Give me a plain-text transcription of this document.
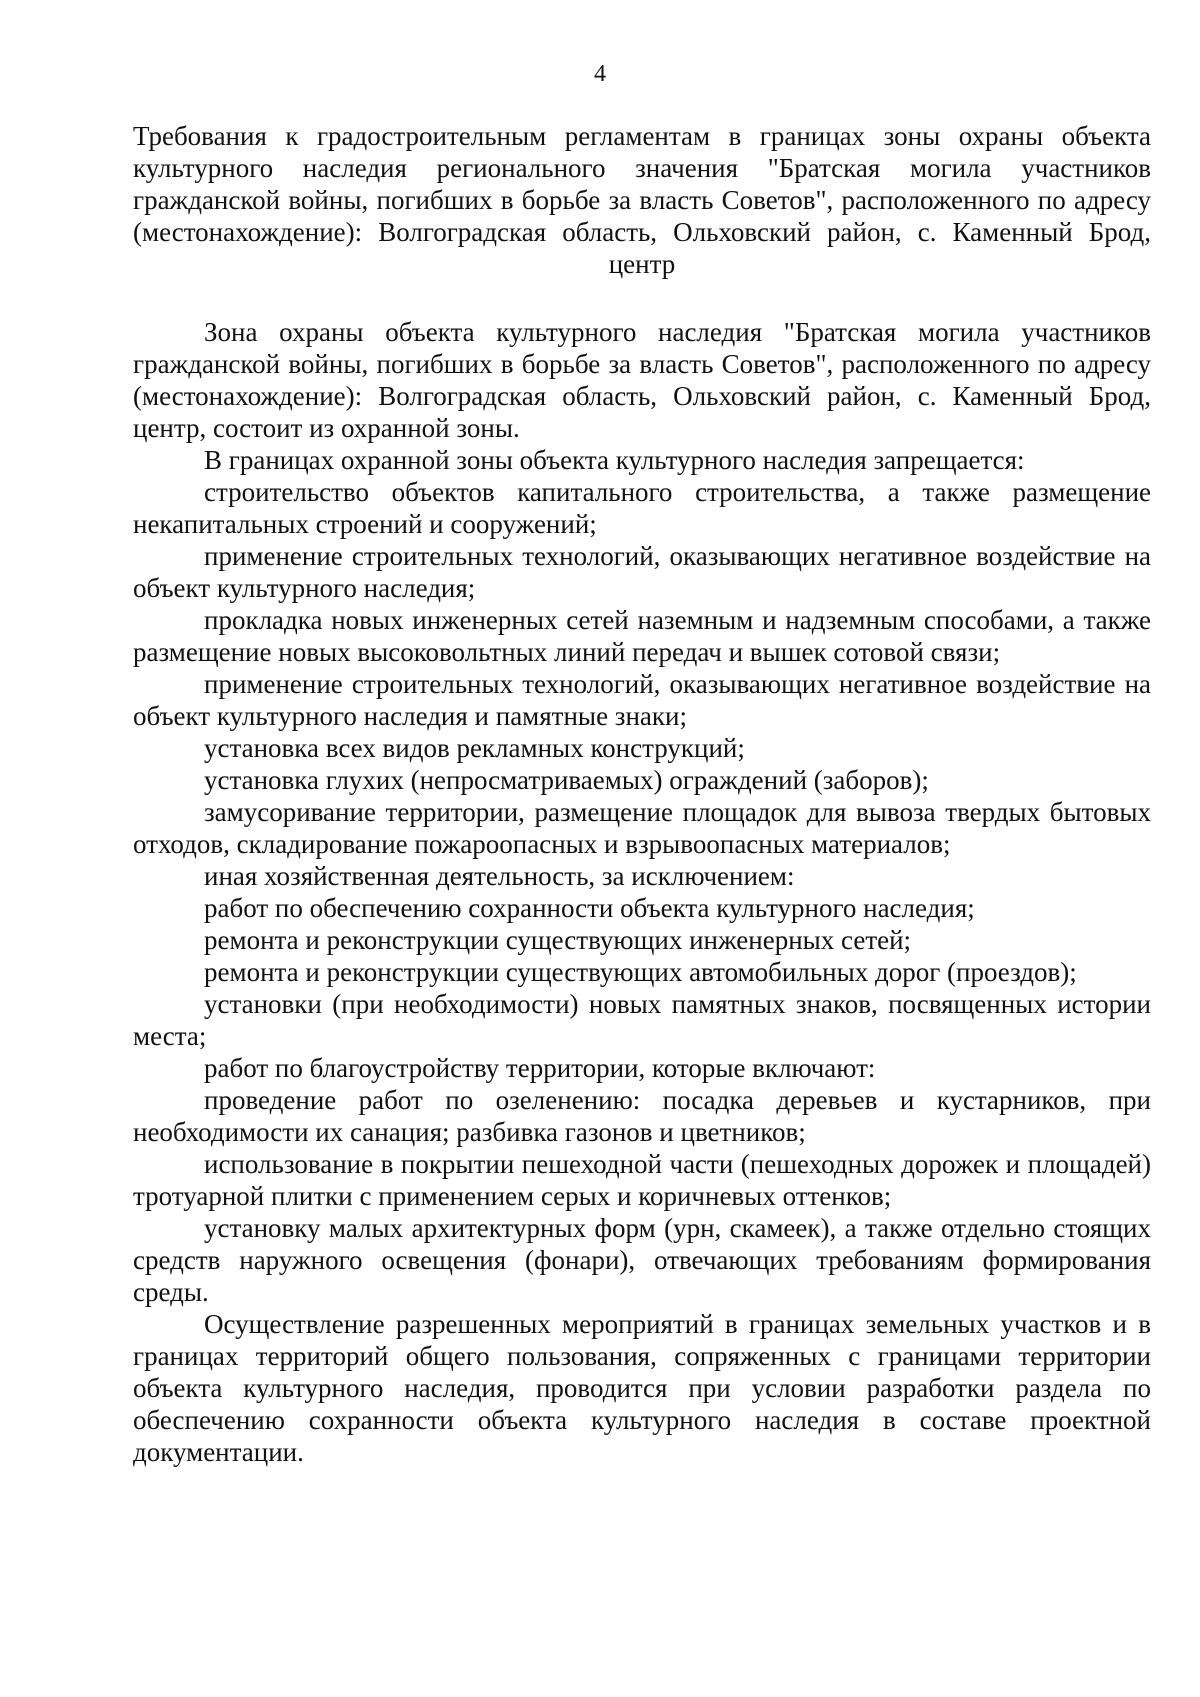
4

Требования к градостроительным регламентам в границах зоны охраны объекта культурного наследия регионального значения "Братская могила участников гражданской войны, погибших в борьбе за власть Советов", расположенного по адресу (местонахождение): Волгоградская область, Ольховский район, с. Каменный Брод, центр

Зона охраны объекта культурного наследия "Братская могила участников гражданской войны, погибших в борьбе за власть Советов", расположенного по адресу (местонахождение): Волгоградская область, Ольховский район, с. Каменный Брод, центр, состоит из охранной зоны.

В границах охранной зоны объекта культурного наследия запрещается:

строительство объектов капитального строительства, а также размещение некапитальных строений и сооружений;

применение строительных технологий, оказывающих негативное воздействие на объект культурного наследия;

прокладка новых инженерных сетей наземным и надземным способами, а также размещение новых высоковольтных линий передач и вышек сотовой связи;

применение строительных технологий, оказывающих негативное воздействие на объект культурного наследия и памятные знаки;

установка всех видов рекламных конструкций;

установка глухих (непросматриваемых) ограждений (заборов);

замусоривание территории, размещение площадок для вывоза твердых бытовых отходов, складирование пожароопасных и взрывоопасных материалов;

иная хозяйственная деятельность, за исключением:

работ по обеспечению сохранности объекта культурного наследия;

ремонта и реконструкции существующих инженерных сетей;

ремонта и реконструкции существующих автомобильных дорог (проездов);

установки (при необходимости) новых памятных знаков, посвященных истории места;

работ по благоустройству территории, которые включают:

проведение работ по озеленению: посадка деревьев и кустарников, при необходимости их санация; разбивка газонов и цветников;

использование в покрытии пешеходной части (пешеходных дорожек и площадей) тротуарной плитки с применением серых и коричневых оттенков;

установку малых архитектурных форм (урн, скамеек), а также отдельно стоящих средств наружного освещения (фонари), отвечающих требованиям формирования среды.

Осуществление разрешенных мероприятий в границах земельных участков и в границах территорий общего пользования, сопряженных с границами территории объекта культурного наследия, проводится при условии разработки раздела по обеспечению сохранности объекта культурного наследия в составе проектной документации.
